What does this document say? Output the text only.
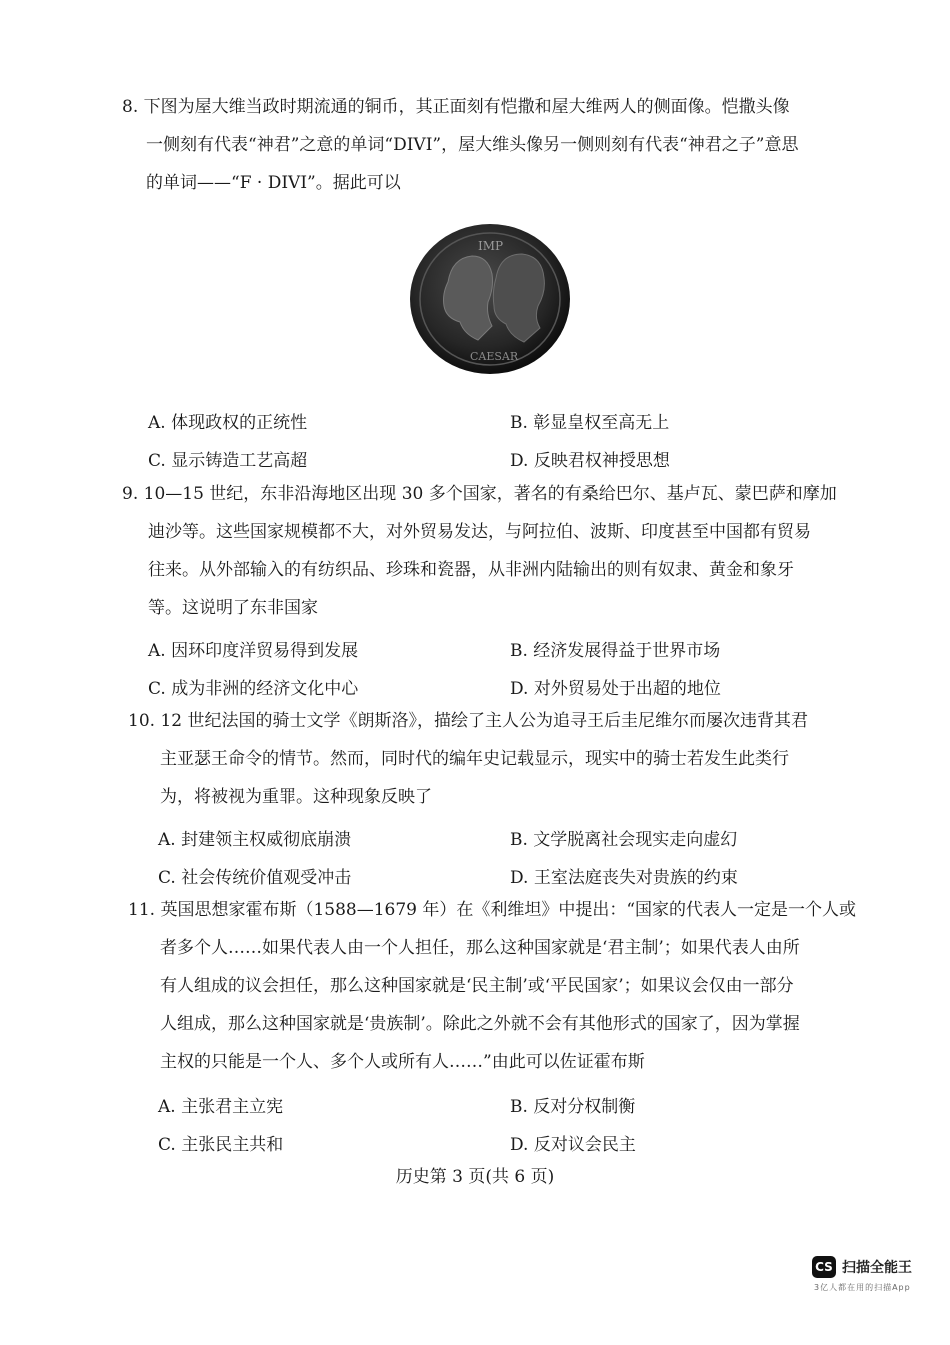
8. 下图为屋大维当政时期流通的铜币，其正面刻有恺撒和屋大维两人的侧面像。恺撒头像
一侧刻有代表“神君”之意的单词“DIVI”，屋大维头像另一侧则刻有代表“神君之子”意思
的单词——“F · DIVI”。据此可以
IMP
CAESAR
A. 体现政权的正统性	B. 彰显皇权至高无上
C. 显示铸造工艺高超	D. 反映君权神授思想
9. 10—15 世纪，东非沿海地区出现 30 多个国家，著名的有桑给巴尔、基卢瓦、蒙巴萨和摩加
迪沙等。这些国家规模都不大，对外贸易发达，与阿拉伯、波斯、印度甚至中国都有贸易
往来。从外部输入的有纺织品、珍珠和瓷器，从非洲内陆输出的则有奴隶、黄金和象牙
等。这说明了东非国家
A. 因环印度洋贸易得到发展	B. 经济发展得益于世界市场
C. 成为非洲的经济文化中心	D. 对外贸易处于出超的地位
10. 12 世纪法国的骑士文学《朗斯洛》，描绘了主人公为追寻王后圭尼维尔而屡次违背其君
主亚瑟王命令的情节。然而，同时代的编年史记载显示，现实中的骑士若发生此类行
为，将被视为重罪。这种现象反映了
A. 封建领主权威彻底崩溃	B. 文学脱离社会现实走向虚幻
C. 社会传统价值观受冲击	D. 王室法庭丧失对贵族的约束
11. 英国思想家霍布斯（1588—1679 年）在《利维坦》中提出：“国家的代表人一定是一个人或
者多个人……如果代表人由一个人担任，那么这种国家就是‘君主制’；如果代表人由所
有人组成的议会担任，那么这种国家就是‘民主制’或‘平民国家’；如果议会仅由一部分
人组成，那么这种国家就是‘贵族制’。除此之外就不会有其他形式的国家了，因为掌握
主权的只能是一个人、多个人或所有人……”由此可以佐证霍布斯
A. 主张君主立宪	B. 反对分权制衡
C. 主张民主共和	D. 反对议会民主
历史第 3 页(共 6 页)
CS 扫描全能王
3亿人都在用的扫描App
